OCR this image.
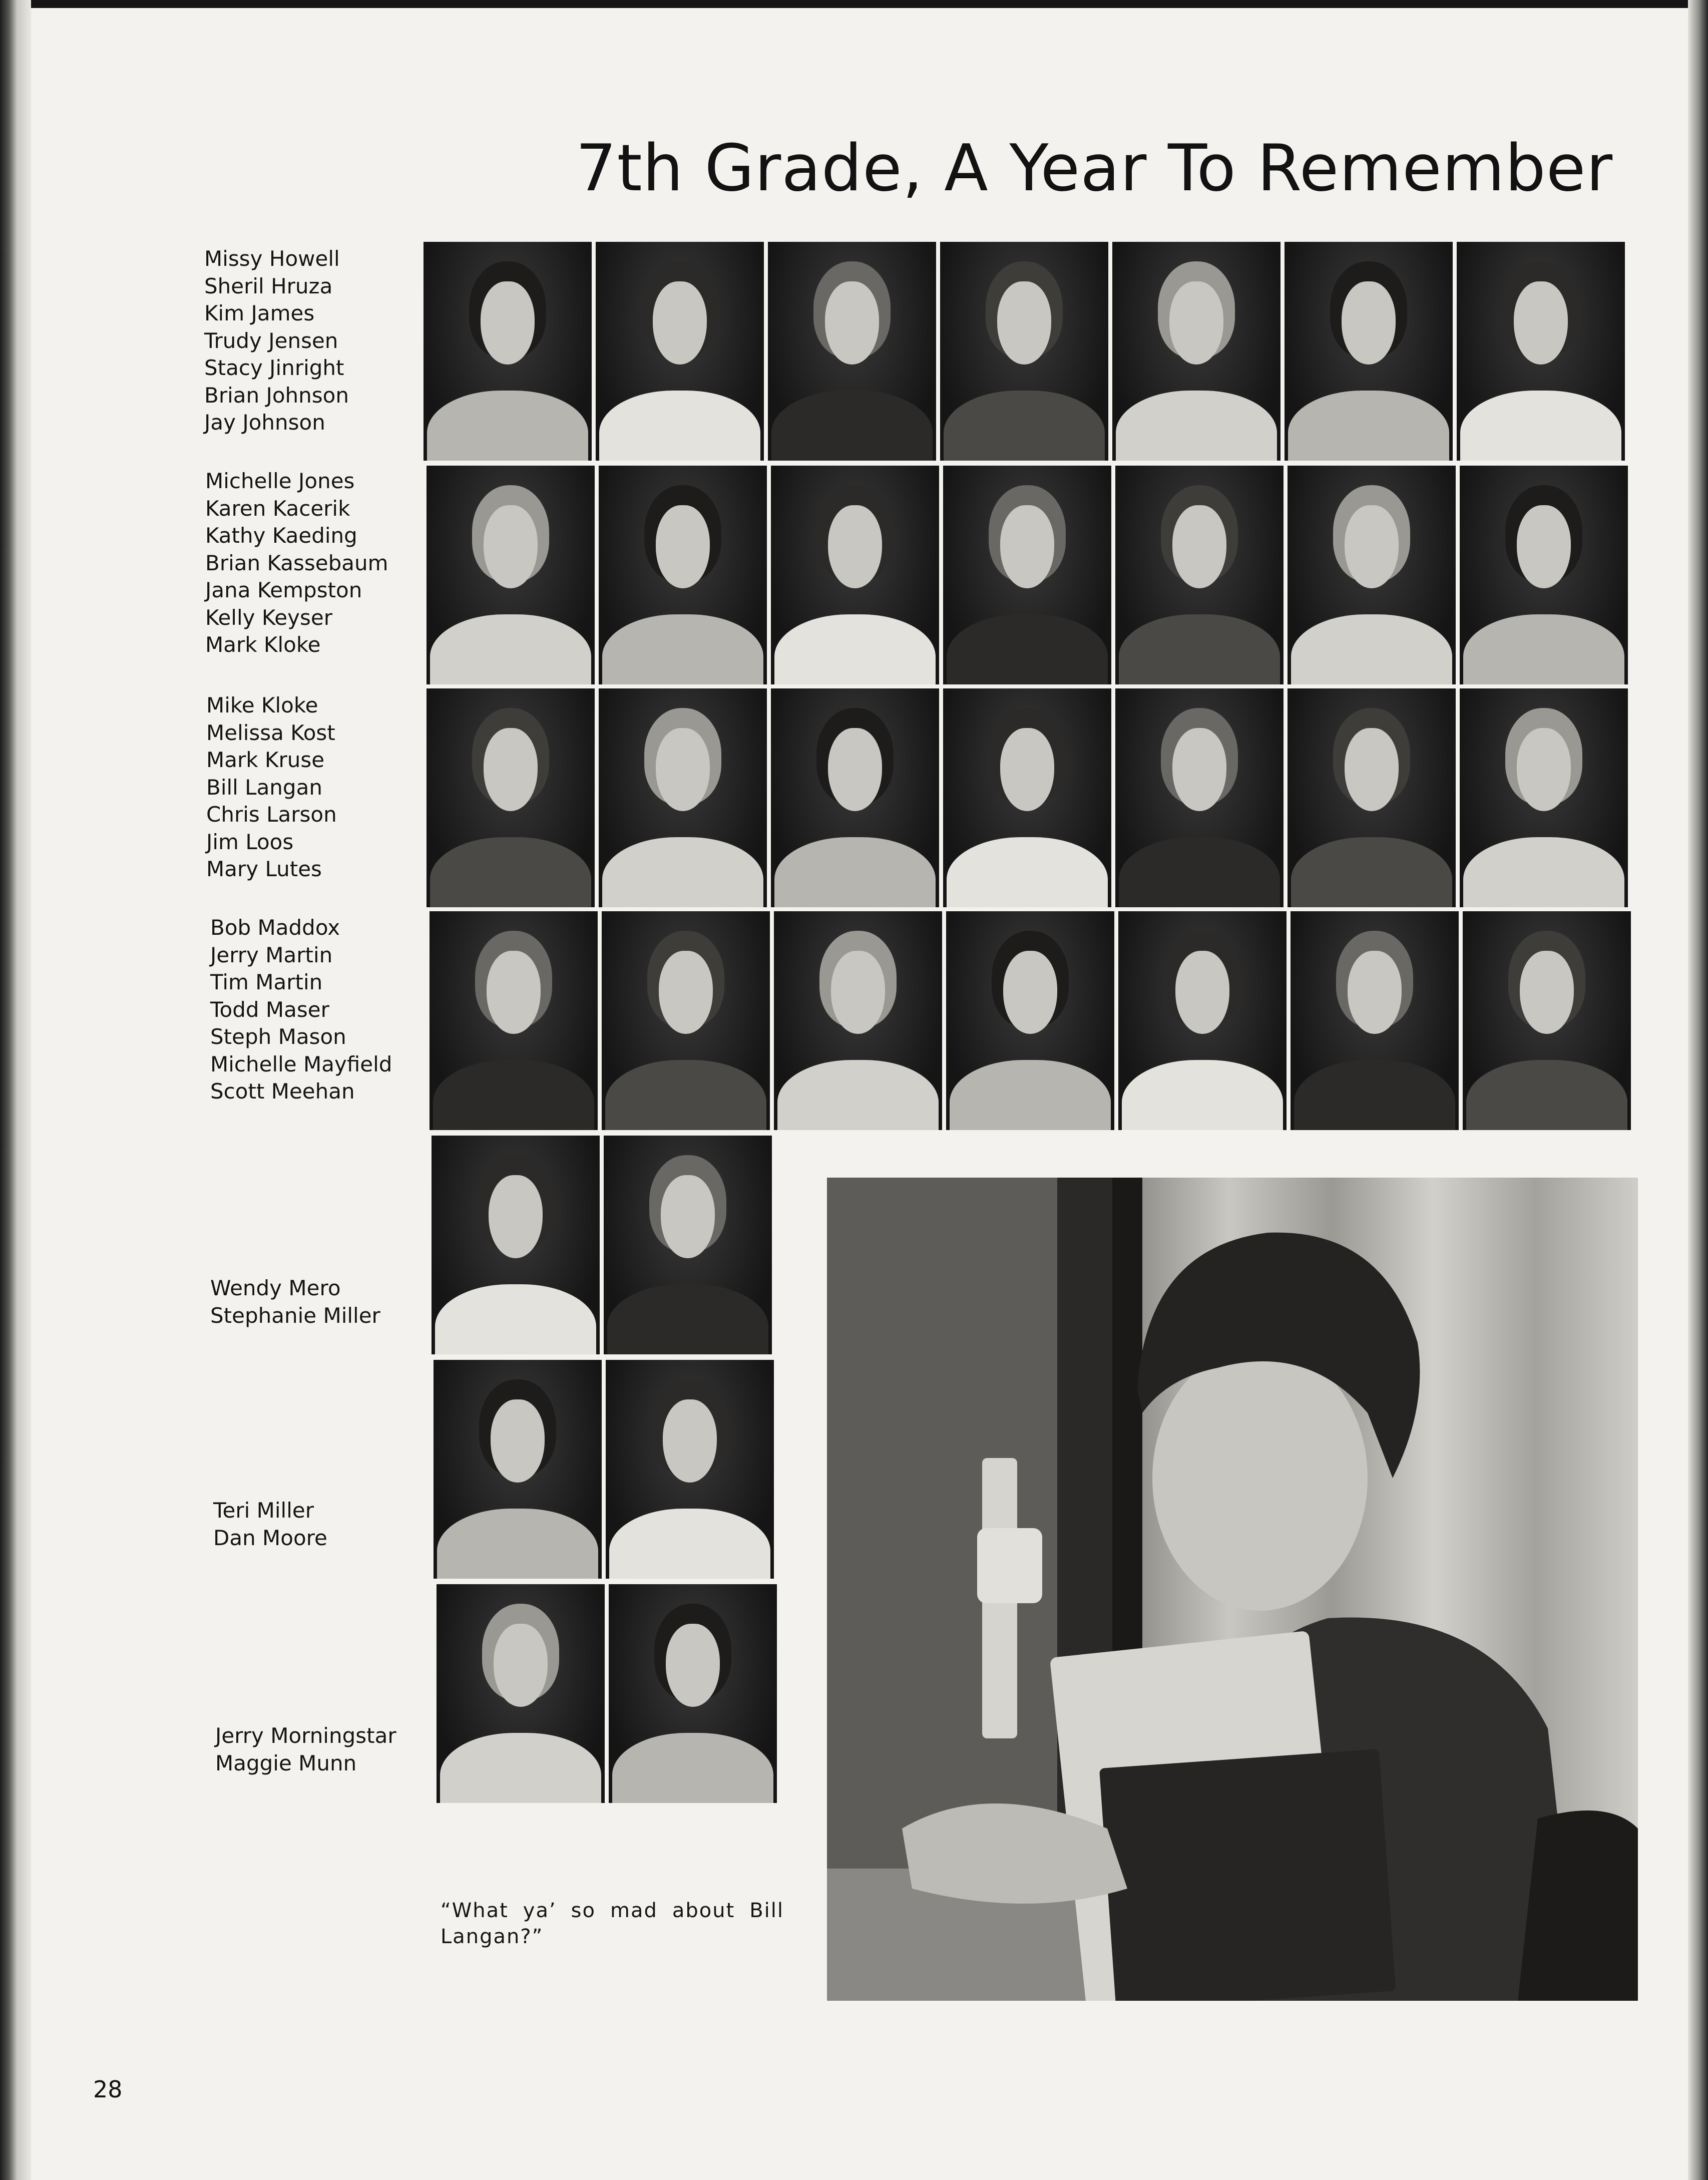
7th Grade, A Year To Remember
Missy Howell
Sheril Hruza
Kim James
Trudy Jensen
Stacy Jinright
Brian Johnson
Jay Johnson
Michelle Jones
Karen Kacerik
Kathy Kaeding
Brian Kassebaum
Jana Kempston
Kelly Keyser
Mark Kloke
Mike Kloke
Melissa Kost
Mark Kruse
Bill Langan
Chris Larson
Jim Loos
Mary Lutes
Bob Maddox
Jerry Martin
Tim Martin
Todd Maser
Steph Mason
Michelle Mayfield
Scott Meehan
Wendy Mero
Stephanie Miller
Teri Miller
Dan Moore
Jerry Morningstar
Maggie Munn

“What ya’ so mad about Bill Langan?”

28
